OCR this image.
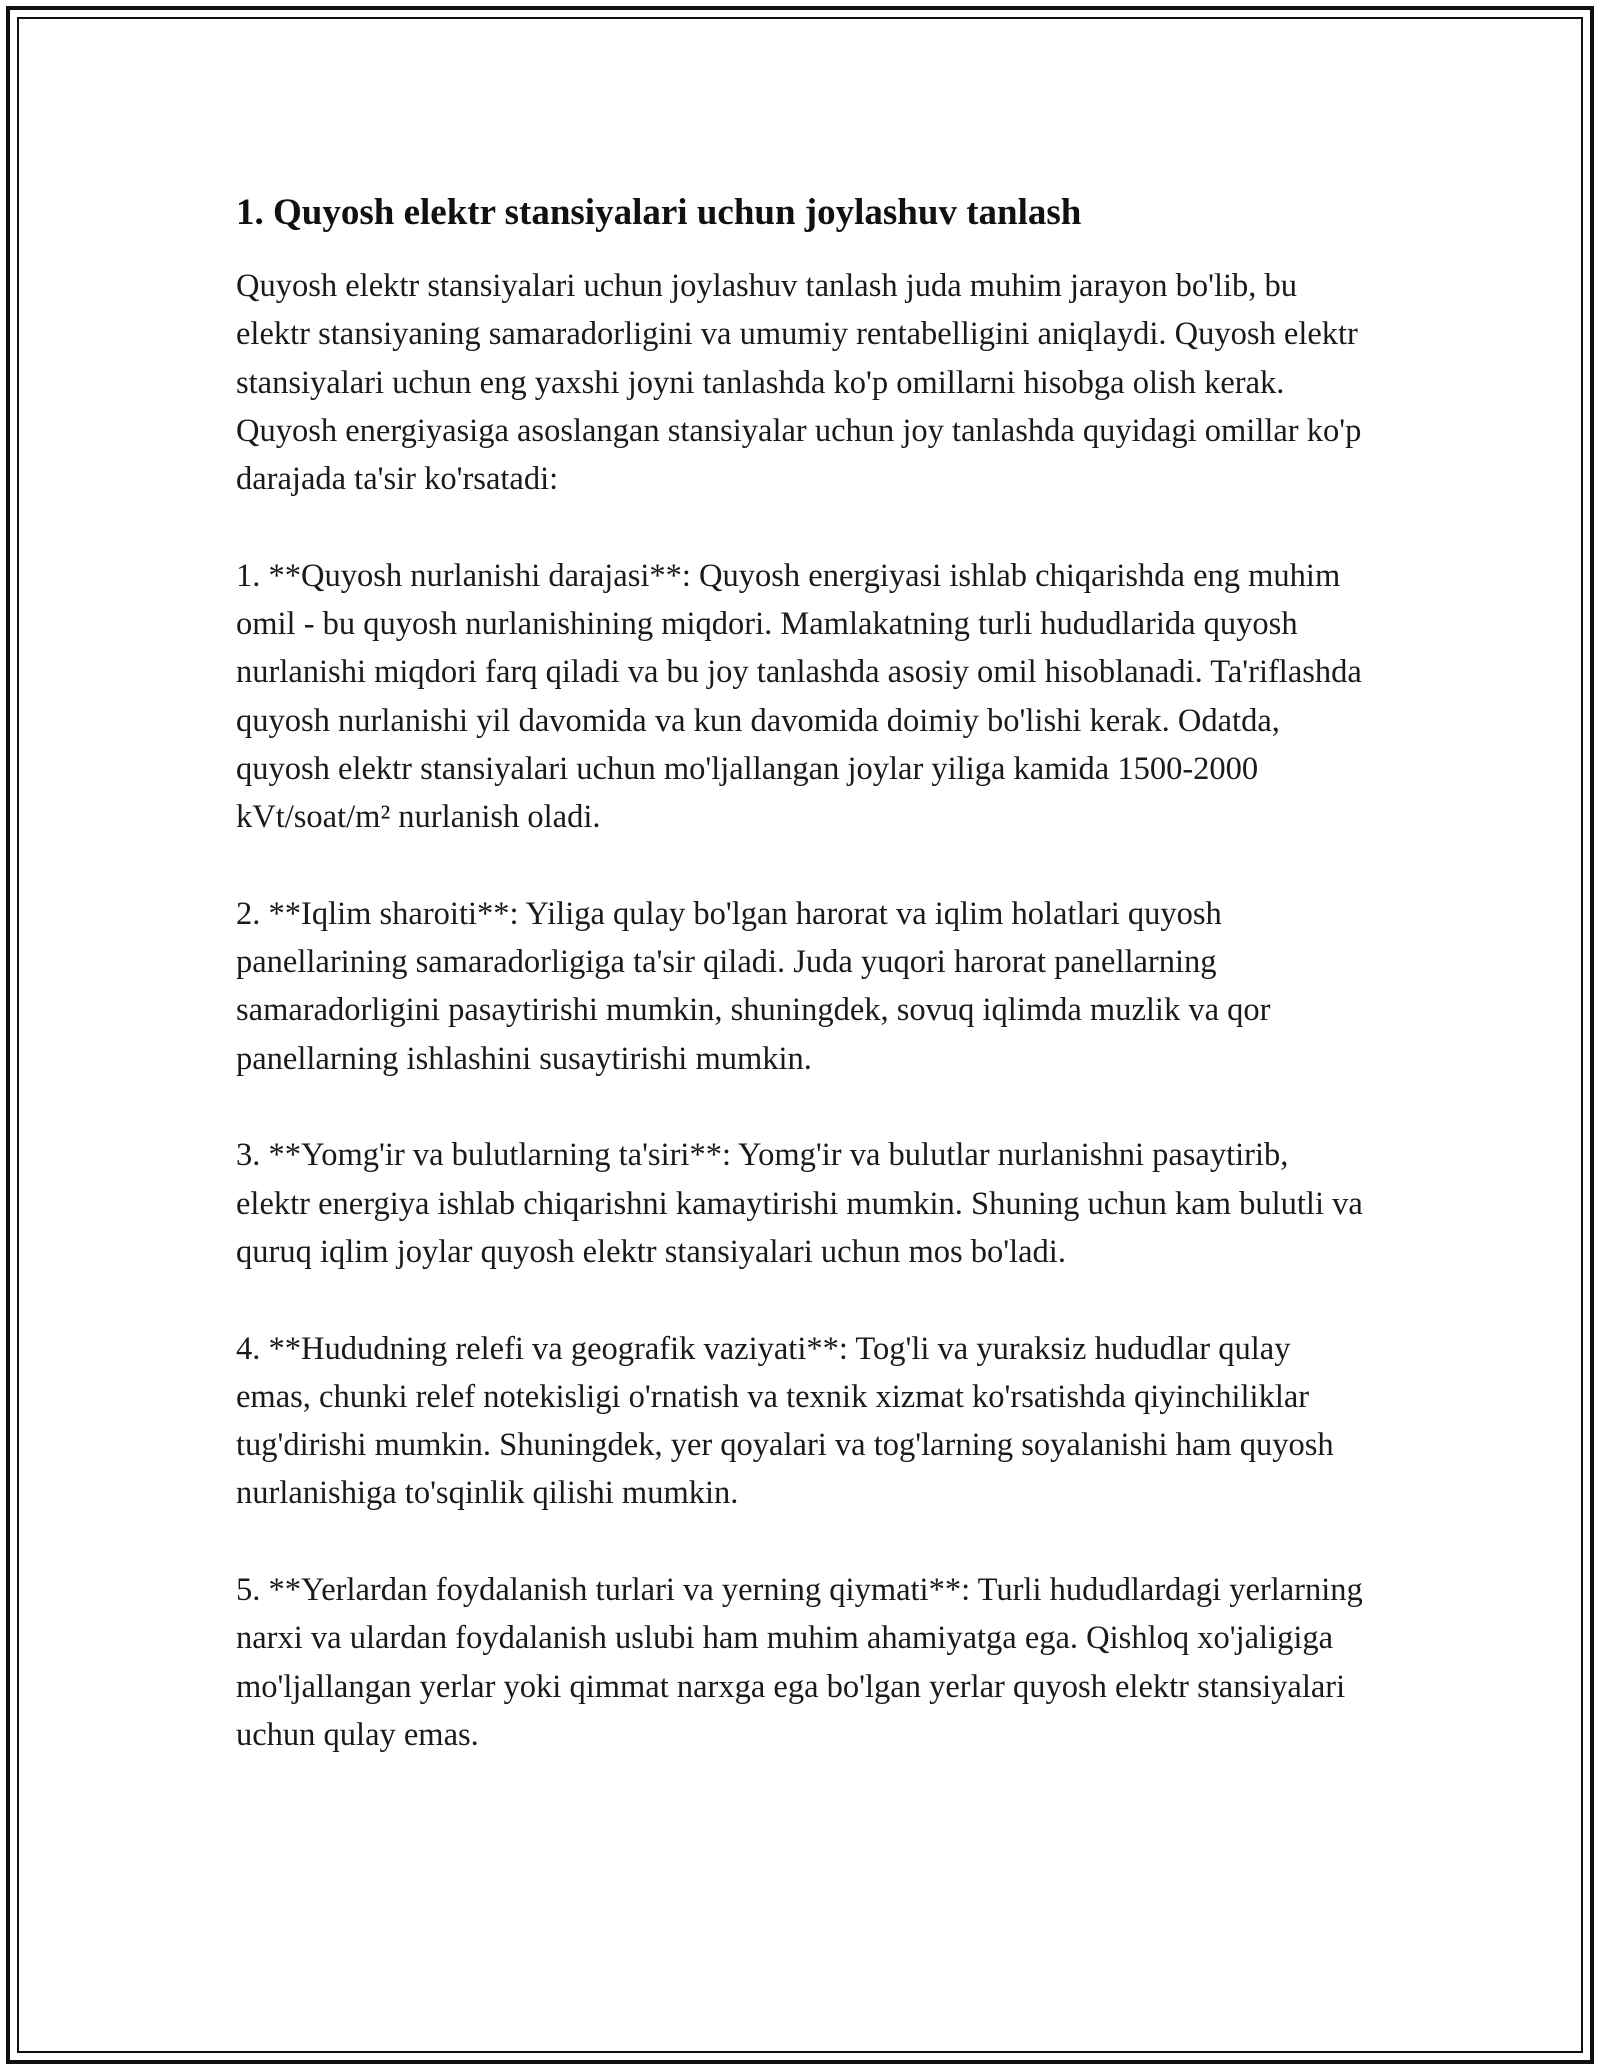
1. Quyosh elektr stansiyalari uchun joylashuv tanlash

Quyosh elektr stansiyalari uchun joylashuv tanlash juda muhim jarayon bo'lib, bu elektr stansiyaning samaradorligini va umumiy rentabelligini aniqlaydi. Quyosh elektr stansiyalari uchun eng yaxshi joyni tanlashda ko'p omillarni hisobga olish kerak. Quyosh energiyasiga asoslangan stansiyalar uchun joy tanlashda quyidagi omillar ko'p darajada ta'sir ko'rsatadi:

1. **Quyosh nurlanishi darajasi**: Quyosh energiyasi ishlab chiqarishda eng muhim omil - bu quyosh nurlanishining miqdori. Mamlakatning turli hududlarida quyosh nurlanishi miqdori farq qiladi va bu joy tanlashda asosiy omil hisoblanadi. Ta'riflashda quyosh nurlanishi yil davomida va kun davomida doimiy bo'lishi kerak. Odatda, quyosh elektr stansiyalari uchun mo'ljallangan joylar yiliga kamida 1500-2000 kVt/soat/m² nurlanish oladi.

2. **Iqlim sharoiti**: Yiliga qulay bo'lgan harorat va iqlim holatlari quyosh panellarining samaradorligiga ta'sir qiladi. Juda yuqori harorat panellarning samaradorligini pasaytirishi mumkin, shuningdek, sovuq iqlimda muzlik va qor panellarning ishlashini susaytirishi mumkin.

3. **Yomg'ir va bulutlarning ta'siri**: Yomg'ir va bulutlar nurlanishni pasaytirib, elektr energiya ishlab chiqarishni kamaytirishi mumkin. Shuning uchun kam bulutli va quruq iqlim joylar quyosh elektr stansiyalari uchun mos bo'ladi.

4. **Hududning relefi va geografik vaziyati**: Tog'li va yuraksiz hududlar qulay emas, chunki relef notekisligi o'rnatish va texnik xizmat ko'rsatishda qiyinchiliklar tug'dirishi mumkin. Shuningdek, yer qoyalari va tog'larning soyalanishi ham quyosh nurlanishiga to'sqinlik qilishi mumkin.

5. **Yerlardan foydalanish turlari va yerning qiymati**: Turli hududlardagi yerlarning narxi va ulardan foydalanish uslubi ham muhim ahamiyatga ega. Qishloq xo'jaligiga mo'ljallangan yerlar yoki qimmat narxga ega bo'lgan yerlar quyosh elektr stansiyalari uchun qulay emas.
